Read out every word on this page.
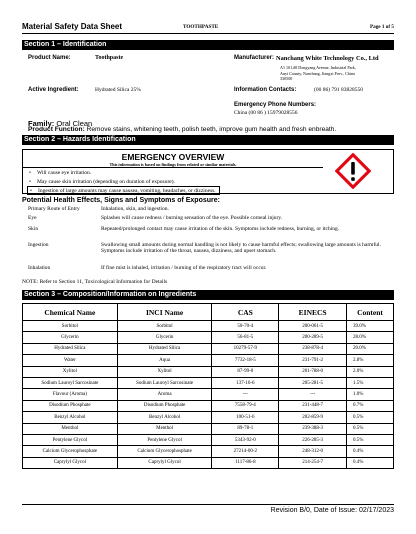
Material Safety Data Sheet	TOOTHPASTE	Page 1 of 5
Section 1 – Identification
Product Name:	Toothpaste	Manufacturer: Nanchang White Technology Co., Ltd
A1 101,#8 Dongyang Avenue, Industrial Park,
Anyi County, Nanchang, Jiangxi Prov., China
330500
Active Ingredient:	Hydrated Silica 25%	Information Contacts:	(00 86) 791 83828550
Emergency Phone Numbers:
China (00 86 ) 15979028556
Family: Oral Clean
Product Function: Remove stains, whitening teeth, polish teeth, improve gum health and fresh enbreath.
Section 2 – Hazards Identification
EMERGENCY OVERVIEW
This information is based on findings from related or similar materials.
• Will cause eye irritation.
• May cause skin irritation (depending on duration of exposure).
• Ingestion of large amounts may cause nausea, vomiting, headaches, or dizziness.
Potential Health Effects, Signs and Symptoms of Exposure:
Primary Route of Entry	Inhalation, skin, and ingestion.
Eye	Splashes will cause redness / burning sensation of the eye. Possible corneal injury.
Skin	Repeated/prolonged contact may cause irritation of the skin. Symptoms include redness, burning, or itching.
Ingestion	Swallowing small amounts during normal handling is not likely to cause harmful effects; swallowing large amounts is harmful. Symptoms include irritation of the throat, nausea, dizziness, and upset stomach.
Inhalation	If fine mist is inhaled, irritation / burning of the respiratory tract will occur.
NOTE: Refer to Section 11, Toxicological Information for Details
Section 3 – Composition/Information on Ingredients
Chemical Name	INCI Name	CAS	EINECS	Content
Sorbitol	Sorbitol	50-70-4	200-061-5	39.0%
Glycerin	Glycerin	56-81-5	200-289-5	28.0%
Hydrated Silica	Hydrated Silica	10279-57-9	238-878-4	20.0%
Water	Aqua	7732-18-5	231-791-2	2.8%
Xylitol	Xylitol	87-99-0	201-788-0	2.0%
Sodium Lauroyl Sarcosinate	Sodium Lauroyl Sarcosinate	137-16-6	205-281-5	1.5%
Flavour (Aroma)	Aroma	---	---	1.0%
Disodium Phosphate	Disodium Phosphate	7558-79-4	231-448-7	0.7%
Benzyl Alcohol	Benzyl Alcohol	100-51-6	202-859-9	0.5%
Menthol	Menthol	89-78-1	239-388-3	0.5%
Pentylene Glycol	Pentylene Glycol	5343-92-0	226-285-3	0.5%
Calcium Glycerophosphate	Calcium Glycerophosphate	27214-00-2	248-312-0	0.4%
Caprylyl Glycol	Caprylyl Glycol	1117-86-8	214-254-7	0.4%
Revision B/0, Date of Issue: 02/17/2023
